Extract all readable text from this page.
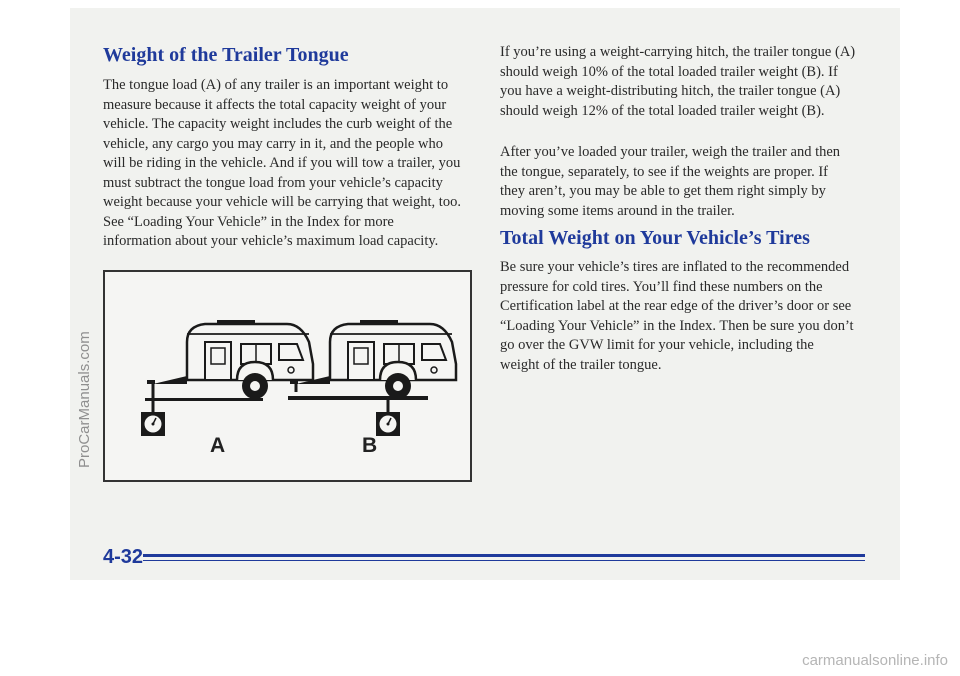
Weight of the Trailer Tongue

The tongue load (A) of any trailer is an important weight to measure because it affects the total capacity weight of your vehicle. The capacity weight includes the curb weight of the vehicle, any cargo you may carry in it, and the people who will be riding in the vehicle. And if you will tow a trailer, you must subtract the tongue load from your vehicle’s capacity weight because your vehicle will be carrying that weight, too. See “Loading Your Vehicle” in the Index for more information about your vehicle’s maximum load capacity.

A	B

If you’re using a weight-carrying hitch, the trailer tongue (A) should weigh 10% of the total loaded trailer weight (B). If you have a weight-distributing hitch, the trailer tongue (A) should weigh 12% of the total loaded trailer weight (B).

After you’ve loaded your trailer, weigh the trailer and then the tongue, separately, to see if the weights are proper. If they aren’t, you may be able to get them right simply by moving some items around in the trailer.

Total Weight on Your Vehicle’s Tires

Be sure your vehicle’s tires are inflated to the recommended pressure for cold tires. You’ll find these numbers on the Certification label at the rear edge of the driver’s door or see “Loading Your Vehicle” in the Index. Then be sure you don’t go over the GVW limit for your vehicle, including the weight of the trailer tongue.

4-32
ProCarManuals.com
carmanualsonline.info
